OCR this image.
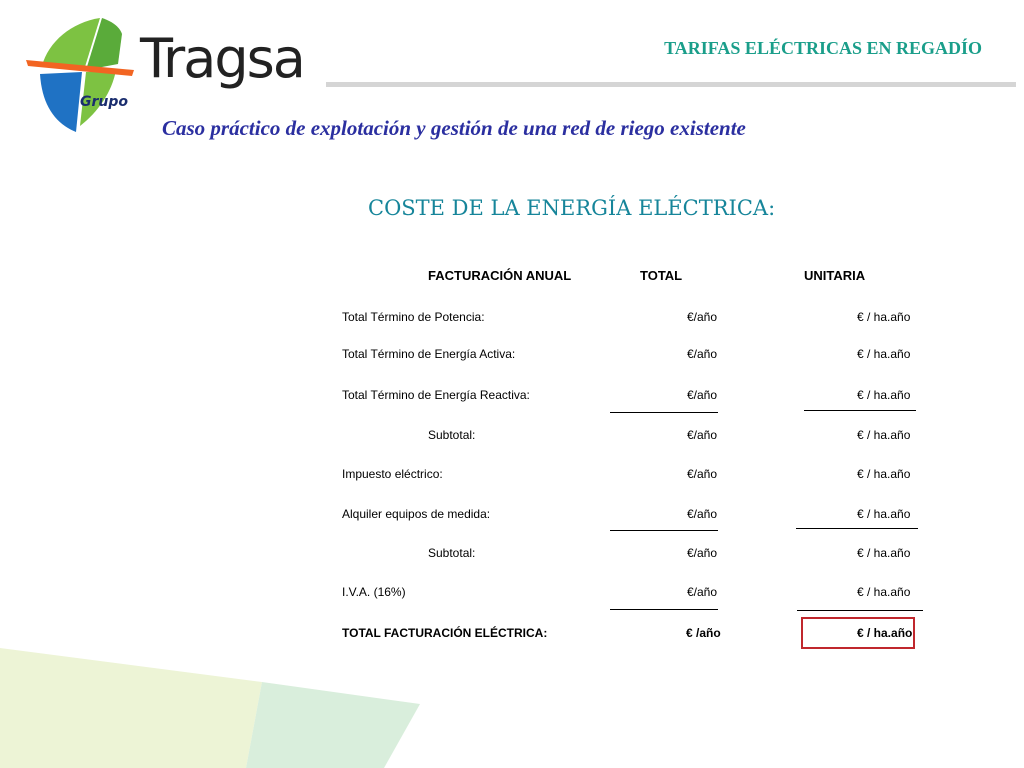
Tragsa
Grupo
TARIFAS ELÉCTRICAS EN REGADÍO
Caso práctico de explotación y gestión de una red de riego existente
COSTE DE LA ENERGÍA ELÉCTRICA:
FACTURACIÓN ANUAL	TOTAL	UNITARIA
Total Término de Potencia:	€/año	€ / ha.año
Total Término de Energía Activa:	€/año	€ / ha.año
Total Término de Energía Reactiva:	€/año	€ / ha.año
Subtotal:	€/año	€ / ha.año
Impuesto eléctrico:	€/año	€ / ha.año
Alquiler equipos de medida:	€/año	€ / ha.año
Subtotal:	€/año	€ / ha.año
I.V.A. (16%)	€/año	€ / ha.año
TOTAL FACTURACIÓN ELÉCTRICA:	€ /año	€ / ha.año
